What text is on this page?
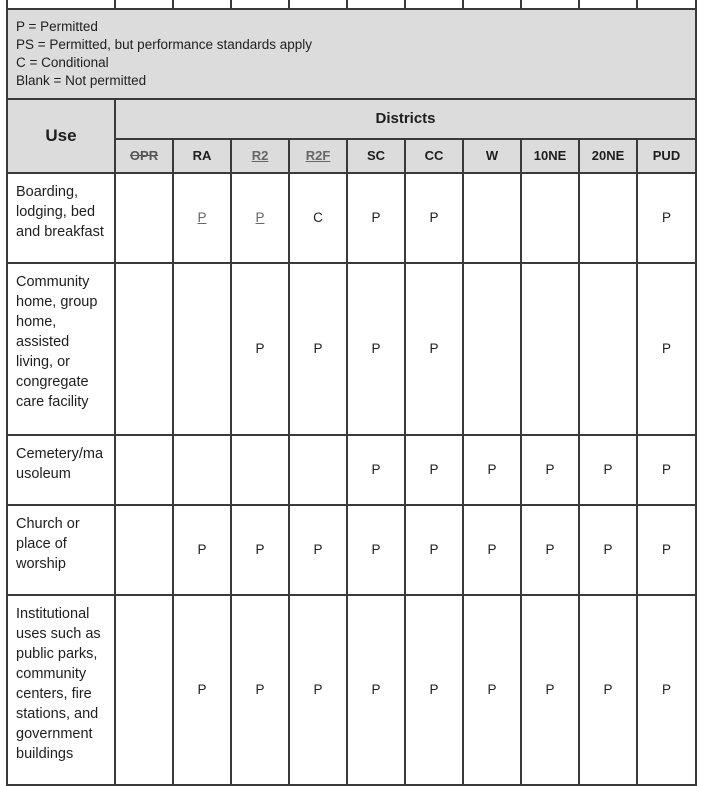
P = Permitted
PS = Permitted, but performance standards apply
C = Conditional
Blank = Not permitted										

Use	Districts									
	OPR	RA	R2	R2F	SC	CC	W	10NE	20NE	PUD
Boarding, lodging, bed and breakfast		P	P	C	P	P				P
Community home, group home, assisted living, or congregate care facility			P	P	P	P				P
Cemetery/mausoleum					P	P	P	P	P	P
Church or place of worship		P	P	P	P	P	P	P	P	P
Institutional uses such as public parks, community centers, fire stations, and government buildings		P	P	P	P	P	P	P	P	P
